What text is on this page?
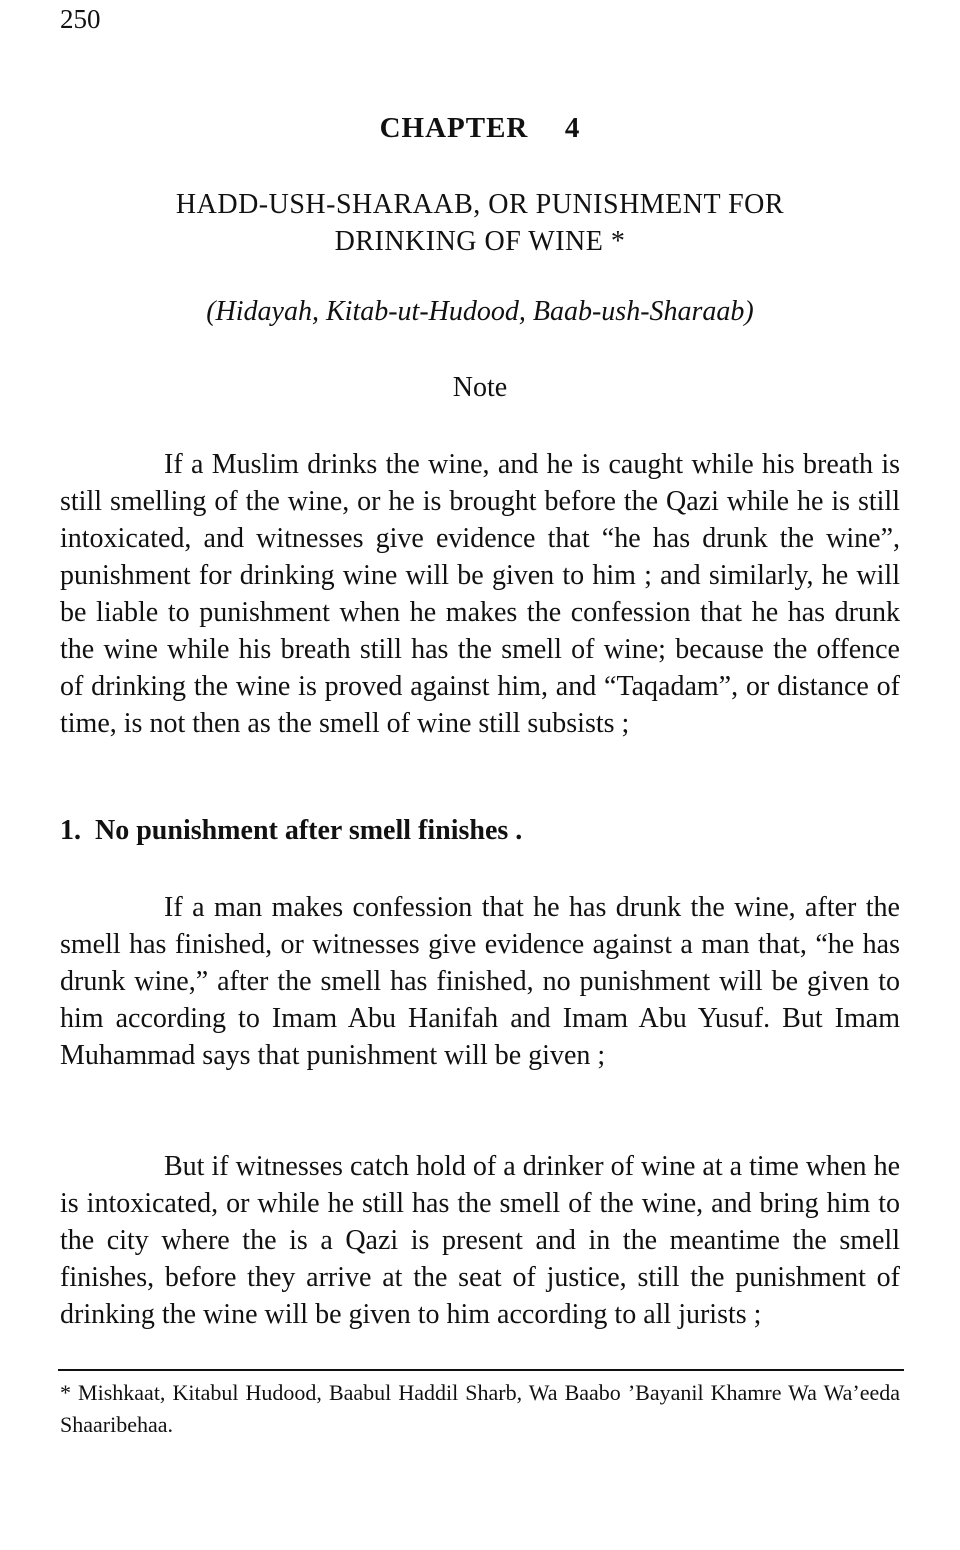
250
CHAPTER  4
HADD-USH-SHARAAB, OR PUNISHMENT FOR
DRINKING OF WINE *
(Hidayah, Kitab-ut-Hudood, Baab-ush-Sharaab)
Note

If a Muslim drinks the wine, and he is caught while his breath is still smelling of the wine, or he is brought before the Qazi while he is still intoxicated, and witnesses give evidence that “he has drunk the wine”, punishment for drinking wine will be given to him ; and similarly, he will be liable to punishment when he makes the confession that he has drunk the wine while his breath still has the smell of wine; because the offence of drinking the wine is proved against him, and “Taqadam”, or distance of time, is not then as the smell of wine still subsists ;

1.  No punishment after smell finishes .

If a man makes confession that he has drunk the wine, after the smell has finished, or witnesses give evidence against a man that, “he has drunk wine,” after the smell has finished, no punishment will be given to him according to Imam Abu Hanifah and Imam Abu Yusuf. But Imam Muhammad says that punishment will be given ;

But if witnesses catch hold of a drinker of wine at a time when he is intoxicated, or while he still has the smell of the wine, and bring him to the city where the is a Qazi is present and in the meantime the smell finishes, before they arrive at the seat of justice, still the punishment of drinking the wine will be given to him according to all jurists ;

* Mishkaat, Kitabul Hudood, Baabul Haddil Sharb, Wa Baabo ’Bayanil Khamre Wa Wa’eeda Shaaribehaa.
